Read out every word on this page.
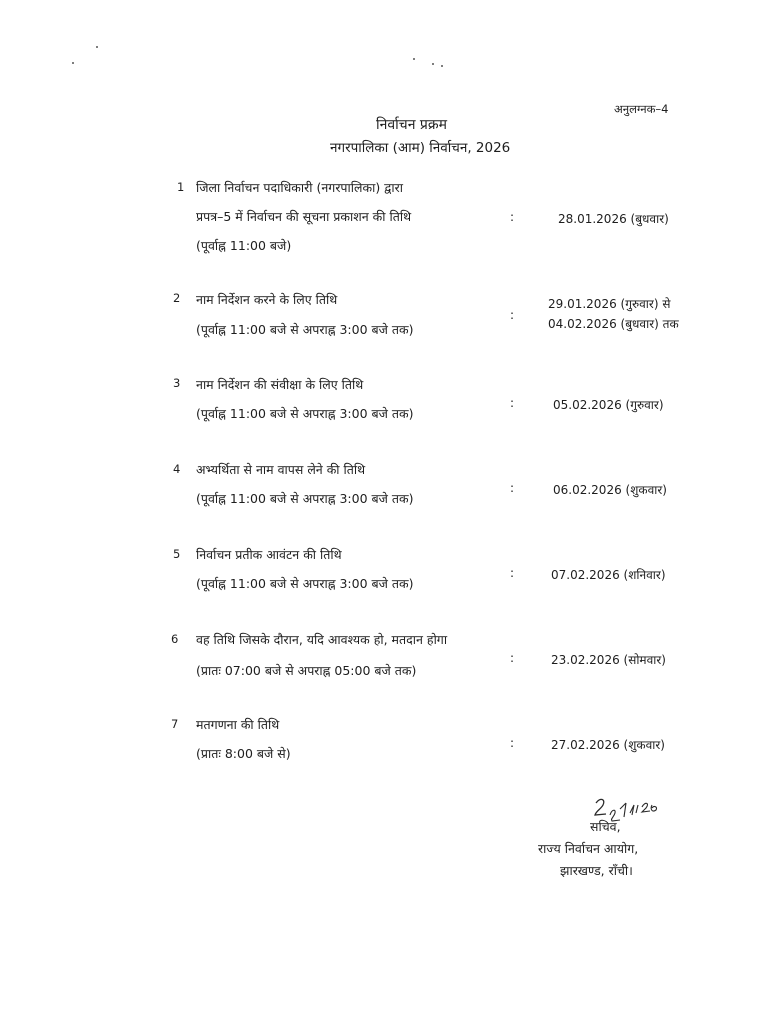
अनुलग्नक–4
निर्वाचन प्रक्रम
नगरपालिका (आम) निर्वाचन, 2026
1 जिला निर्वाचन पदाधिकारी (नगरपालिका) द्वारा
प्रपत्र–5 में निर्वाचन की सूचना प्रकाशन की तिथि
(पूर्वाह्न 11:00 बजे)
:	28.01.2026 (बुधवार)
2 नाम निर्देशन करने के लिए तिथि
(पूर्वाह्न 11:00 बजे से अपराह्न 3:00 बजे तक)
:
29.01.2026 (गुरुवार) से
04.02.2026 (बुधवार) तक
3 नाम निर्देशन की संवीक्षा के लिए तिथि
(पूर्वाह्न 11:00 बजे से अपराह्न 3:00 बजे तक)
:	05.02.2026 (गुरुवार)
4 अभ्यर्थिता से नाम वापस लेने की तिथि
(पूर्वाह्न 11:00 बजे से अपराह्न 3:00 बजे तक)
:	06.02.2026 (शुकवार)
5 निर्वाचन प्रतीक आवंटन की तिथि
(पूर्वाह्न 11:00 बजे से अपराह्न 3:00 बजे तक)
:	07.02.2026 (शनिवार)
6 वह तिथि जिसके दौरान, यदि आवश्यक हो, मतदान होगा
(प्रातः 07:00 बजे से अपराह्न 05:00 बजे तक)
:	23.02.2026 (सोमवार)
7 मतगणना की तिथि
(प्रातः 8:00 बजे से)
:	27.02.2026 (शुकवार)
सचिव,
राज्य निर्वाचन आयोग,
झारखण्ड, राँची।
